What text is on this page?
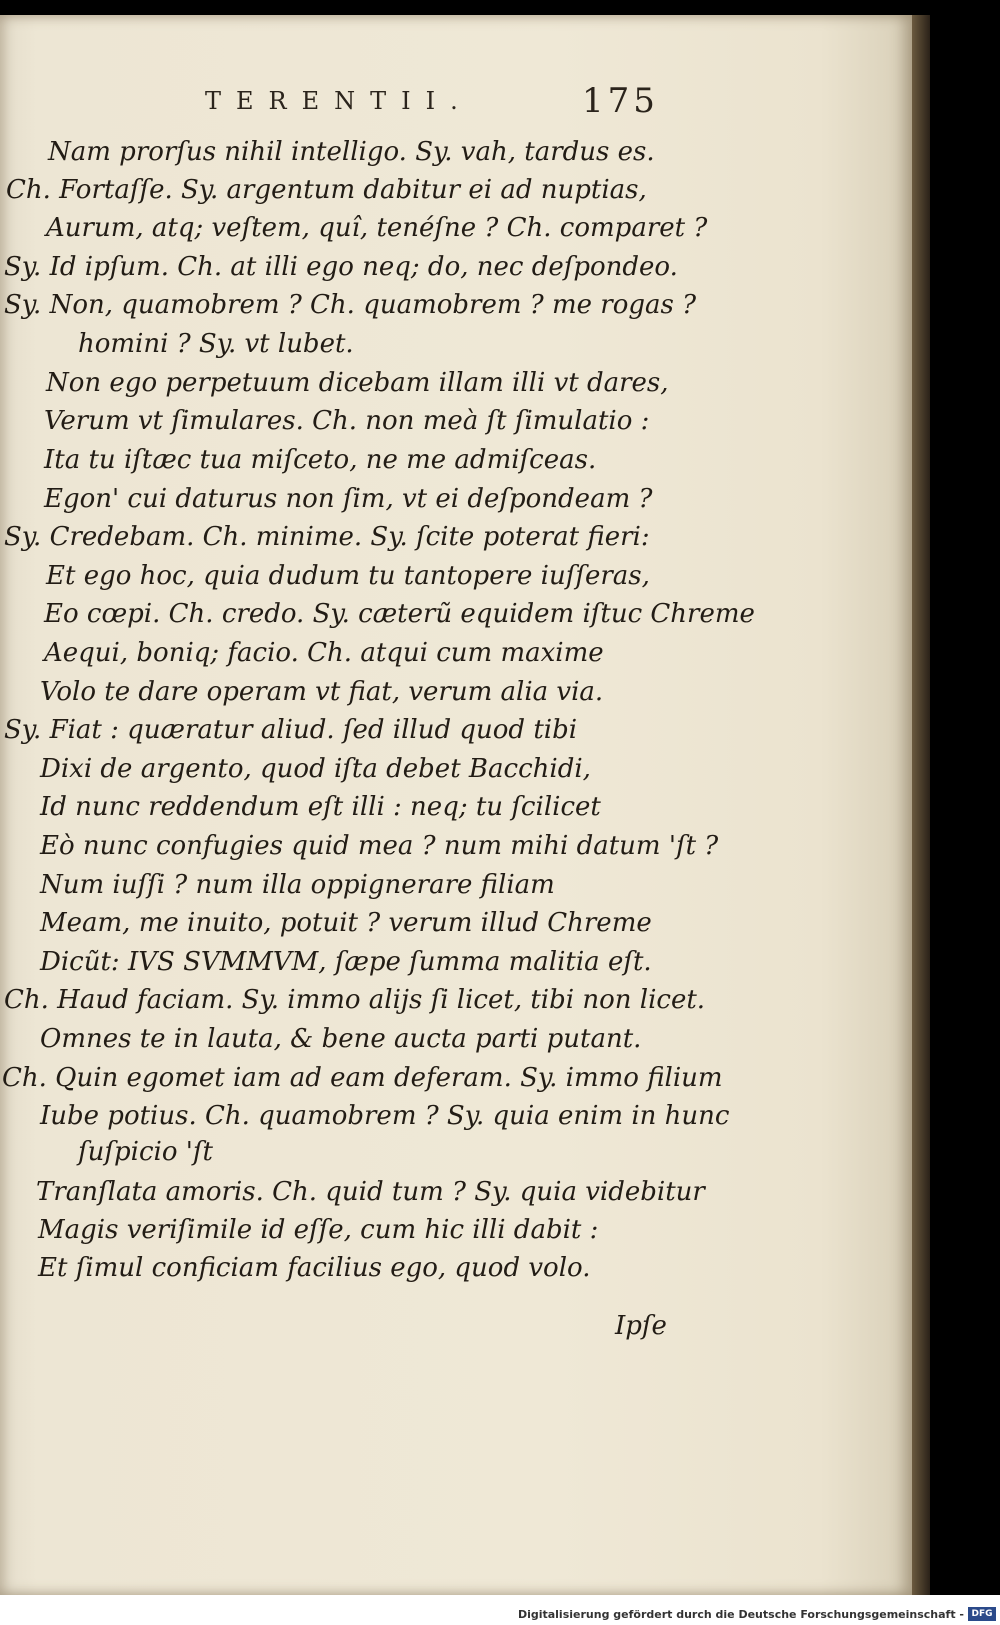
TERENTII.	175
Nam prorſus nihil intelligo. Sy. vah, tardus es.
Ch. Fortaſſe. Sy. argentum dabitur ei ad nuptias,
Aurum, atq; veſtem, quî, tenéſne ? Ch. comparet ?
Sy. Id ipſum. Ch. at illi ego neq; do, nec deſpondeo.
Sy. Non, quamobrem ? Ch. quamobrem ? me rogas ?
homini ? Sy. vt lubet.
Non ego perpetuum dicebam illam illi vt dares,
Verum vt ſimulares. Ch. non meà ſt ſimulatio :
Ita tu iſtæc tua miſceto, ne me admiſceas.
Egon' cui daturus non ſim, vt ei deſpondeam ?
Sy. Credebam. Ch. minime. Sy. ſcite poterat fieri:
Et ego hoc, quia dudum tu tantopere iuſſeras,
Eo cœpi. Ch. credo. Sy. cæterũ equidem iſtuc Chreme
Aequi, boniq; facio. Ch. atqui cum maxime
Volo te dare operam vt fiat, verum alia via.
Sy. Fiat : quæratur aliud. ſed illud quod tibi
Dixi de argento, quod iſta debet Bacchidi,
Id nunc reddendum eſt illi : neq; tu ſcilicet
Eò nunc confugies quid mea ? num mihi datum 'ſt ?
Num iuſſi ? num illa oppignerare filiam
Meam, me inuito, potuit ? verum illud Chreme
Dicũt: IVS SVMMVM, ſæpe ſumma malitia eſt.
Ch. Haud faciam. Sy. immo alijs ſi licet, tibi non licet.
Omnes te in lauta, & bene aucta parti putant.
Ch. Quin egomet iam ad eam deferam. Sy. immo filium
Iube potius. Ch. quamobrem ? Sy. quia enim in hunc
ſuſpicio 'ſt
Tranſlata amoris. Ch. quid tum ? Sy. quia videbitur
Magis veriſimile id eſſe, cum hic illi dabit :
Et ſimul conficiam facilius ego, quod volo.
Ipſe
Digitalisierung gefördert durch die Deutsche Forschungsgemeinschaft - DFG
